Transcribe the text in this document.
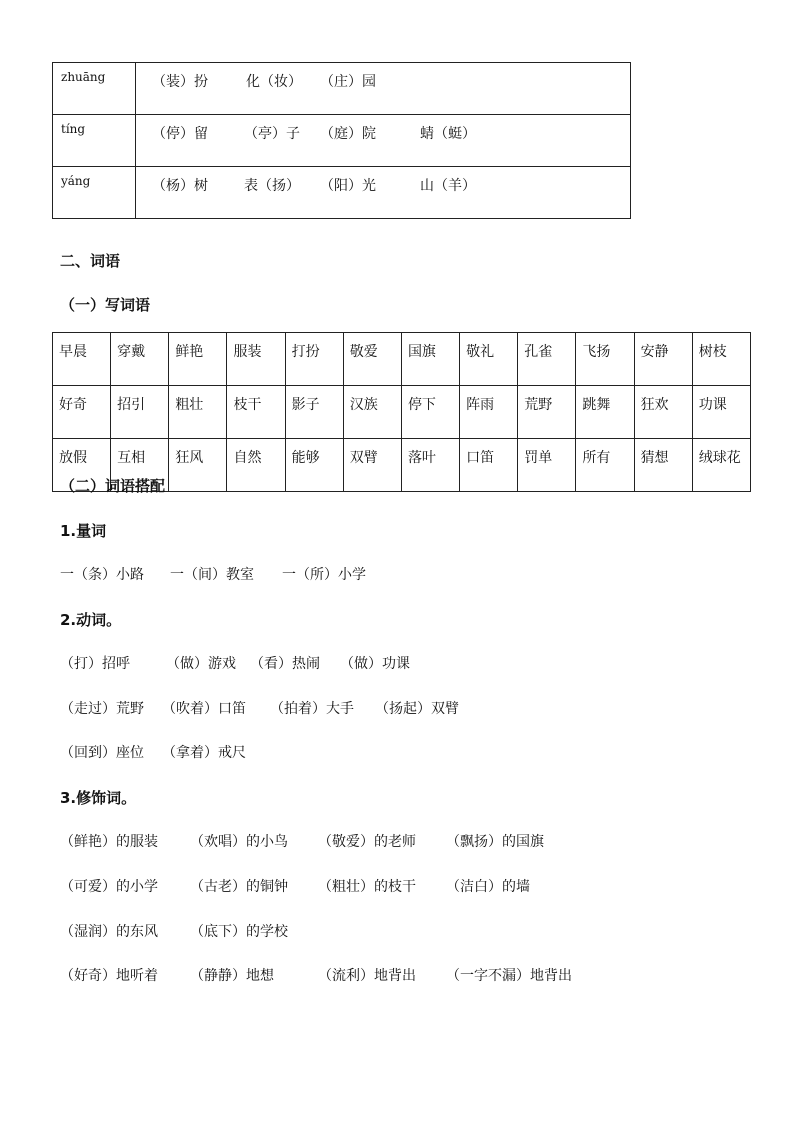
zhuāng	（装）扮 化（妆） （庄）园

tíng	（停）留 （亭）子 （庭）院 蜻（蜓）

yáng	（杨）树 表（扬） （阳）光 山（羊）
二、词语
（一）写词语
早晨	穿戴	鲜艳	服装	打扮	敬爱	国旗	敬礼	孔雀	飞扬	安静	树枝
好奇	招引	粗壮	枝干	影子	汉族	停下	阵雨	荒野	跳舞	狂欢	功课
放假	互相	狂风	自然	能够	双臂	落叶	口笛	罚单	所有	猜想	绒球花
（二）词语搭配
1.量词
一（条）小路 一（间）教室 一（所）小学
2.动词。
（打）招呼	（做）游戏 （看）热闹 （做）功课
（走过）荒野 （吹着）口笛 （拍着）大手 （扬起）双臂
（回到）座位 （拿着）戒尺
3.修饰词。
（鲜艳）的服装 （欢唱）的小鸟 （敬爱）的老师 （飘扬）的国旗
（可爱）的小学 （古老）的铜钟 （粗壮）的枝干 （洁白）的墙
（湿润）的东风 （底下）的学校
（好奇）地听着 （静静）地想	（流利）地背出 （一字不漏）地背出
